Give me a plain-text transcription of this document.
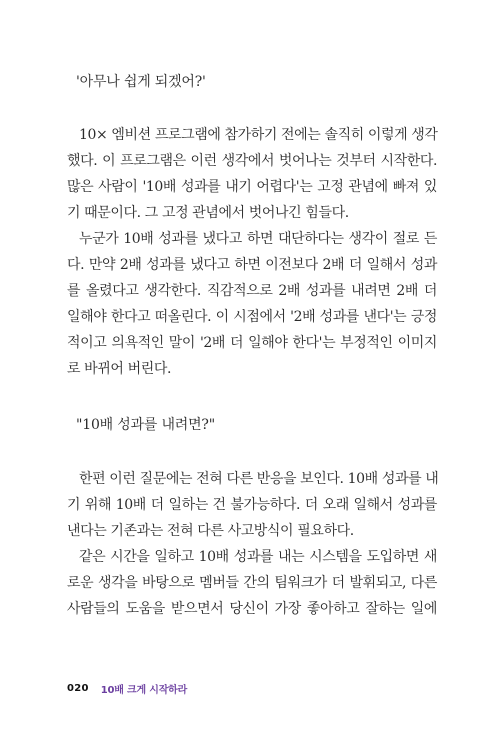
'아무나 쉽게 되겠어?'
10× 엠비션 프로그램에 참가하기 전에는 솔직히 이렇게 생각
했다. 이 프로그램은 이런 생각에서 벗어나는 것부터 시작한다.
많은 사람이 '10배 성과를 내기 어렵다'는 고정 관념에 빠져 있
기 때문이다. 그 고정 관념에서 벗어나긴 힘들다.
누군가 10배 성과를 냈다고 하면 대단하다는 생각이 절로 든
다. 만약 2배 성과를 냈다고 하면 이전보다 2배 더 일해서 성과
를 올렸다고 생각한다. 직감적으로 2배 성과를 내려면 2배 더
일해야 한다고 떠올린다. 이 시점에서 '2배 성과를 낸다'는 긍정
적이고 의욕적인 말이 '2배 더 일해야 한다'는 부정적인 이미지
로 바뀌어 버린다.
"10배 성과를 내려면?"
한편 이런 질문에는 전혀 다른 반응을 보인다. 10배 성과를 내
기 위해 10배 더 일하는 건 불가능하다. 더 오래 일해서 성과를
낸다는 기존과는 전혀 다른 사고방식이 필요하다.
같은 시간을 일하고 10배 성과를 내는 시스템을 도입하면 새
로운 생각을 바탕으로 멤버들 간의 팀워크가 더 발휘되고, 다른
사람들의 도움을 받으면서 당신이 가장 좋아하고 잘하는 일에
020 10배 크게 시작하라
